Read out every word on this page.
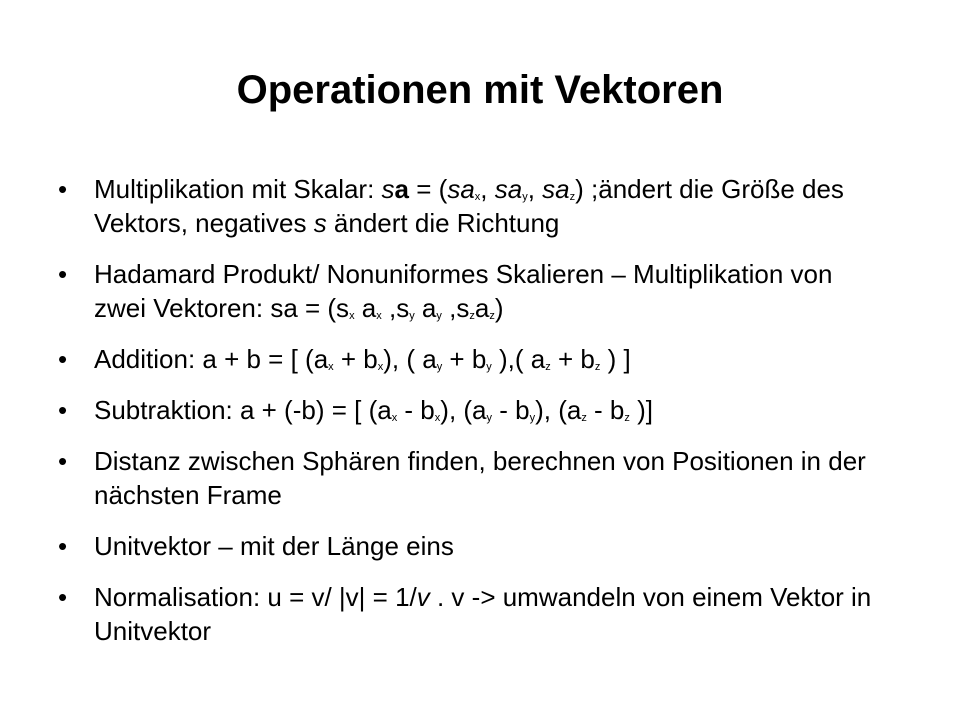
Operationen mit Vektoren
• Multiplikation mit Skalar: sa = ($sa_x$, $sa_y$, $sa_z$) ;ändert die Größe des Vektors, negatives s ändert die Richtung
• Hadamard Produkt/ Nonuniformes Skalieren – Multiplikation von zwei Vektoren: sa = ($s_x$ $a_x$ $,s_y$ $a_y$ $,s_za_z$)
• Addition: a + b = [ $(a_x + b_x)$, ( $a_y + b_y$ ),( $a_z + b_z$ ) ]
• Subtraktion: a + (-b) = [ $(a_x - b_x)$, $(a_y - b_y)$, ($a_z - b_z$ )]
• Distanz zwischen Sphären finden, berechnen von Positionen in der nächsten Frame
• Unitvektor – mit der Länge eins
• Normalisation: u = v/ |v| = 1/v . v -> umwandeln von einem Vektor in Unitvektor
